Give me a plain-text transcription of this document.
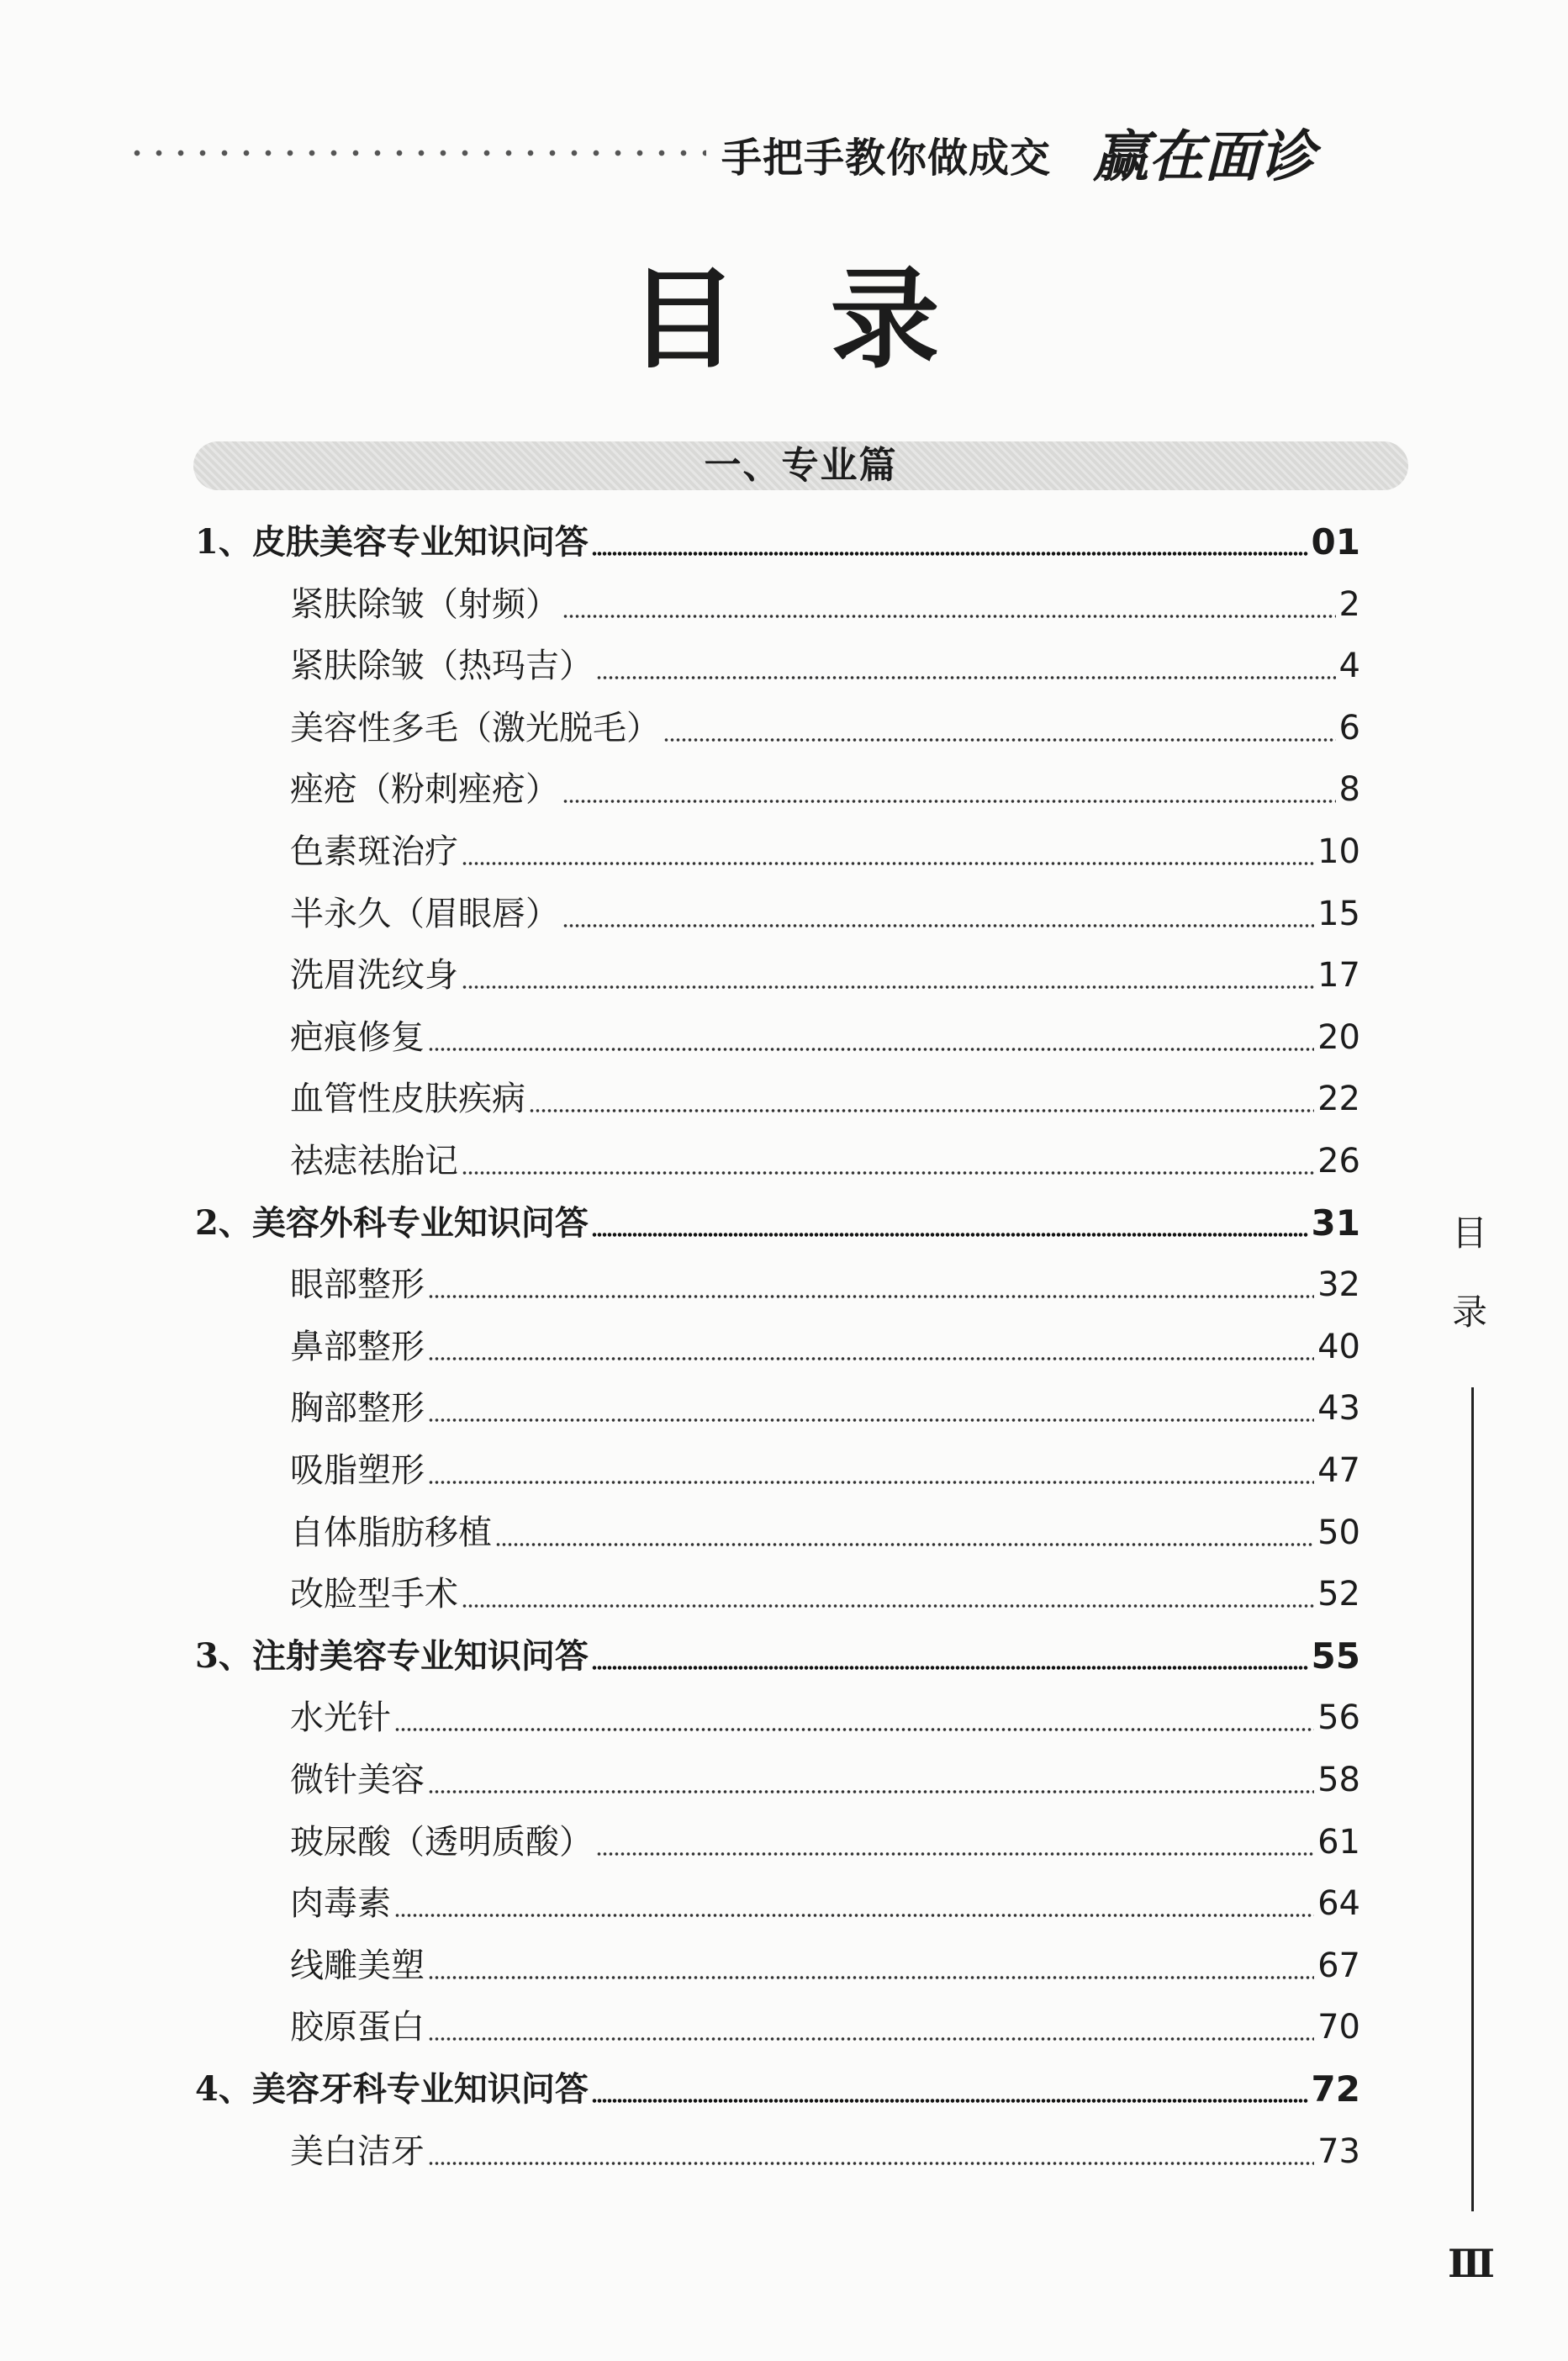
手把手教你做成交 赢在面诊
目录
一、专业篇
1、皮肤美容专业知识问答	01
紧肤除皱（射频）	2
紧肤除皱（热玛吉）	4
美容性多毛（激光脱毛）	6
痤疮（粉刺痤疮）	8
色素斑治疗	10
半永久（眉眼唇）	15
洗眉洗纹身	17
疤痕修复	20
血管性皮肤疾病	22
祛痣祛胎记	26
2、美容外科专业知识问答	31
眼部整形	32
鼻部整形	40
胸部整形	43
吸脂塑形	47
自体脂肪移植	50
改脸型手术	52
3、注射美容专业知识问答	55
水光针	56
微针美容	58
玻尿酸（透明质酸）	61
肉毒素	64
线雕美塑	67
胶原蛋白	70
4、美容牙科专业知识问答	72
美白洁牙	73
目
录
Ⅲ
